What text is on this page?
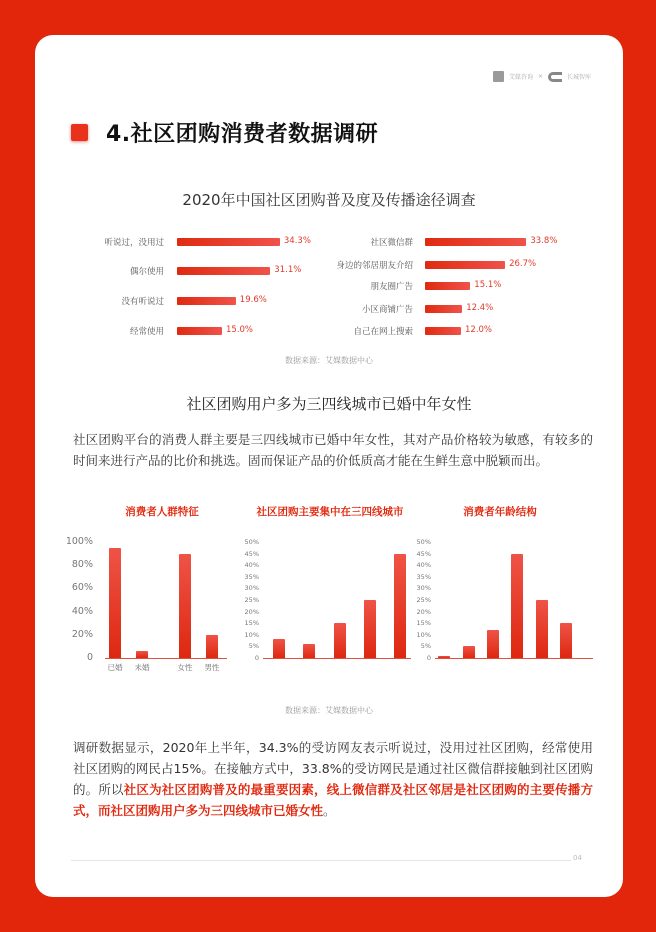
艾媒咨询 ×	长城智库
4.社区团购消费者数据调研
2020年中国社区团购普及度及传播途径调查
听说过，没用过	34.3%
偶尔使用	31.1%
没有听说过	19.6%
经常使用	15.0%
社区微信群	33.8%
身边的邻居朋友介绍	26.7%
朋友圈广告	15.1%
小区商铺广告	12.4%
自己在网上搜索	12.0%
数据来源：艾媒数据中心
社区团购用户多为三四线城市已婚中年女性
社区团购平台的消费人群主要是三四线城市已婚中年女性，其对产品价格较为敏感，有较多的时间来进行产品的比价和挑选。固而保证产品的价低质高才能在生鲜生意中脱颖而出。
消费者人群特征	社区团购主要集中在三四线城市	消费者年龄结构
100%
80%
60%
40%
20%
0
已婚	未婚	女性	男性
50%
45%
40%
35%
30%
25%
20%
15%
10%
5%
0
50%
45%
40%
35%
30%
25%
20%
15%
10%
5%
0
数据来源：艾媒数据中心
调研数据显示，2020年上半年，34.3%的受访网友表示听说过，没用过社区团购，经常使用社区团购的网民占15%。在接触方式中，33.8%的受访网民是通过社区微信群接触到社区团购的。所以社区为社区团购普及的最重要因素，线上微信群及社区邻居是社区团购的主要传播方式，而社区团购用户多为三四线城市已婚女性。
04
